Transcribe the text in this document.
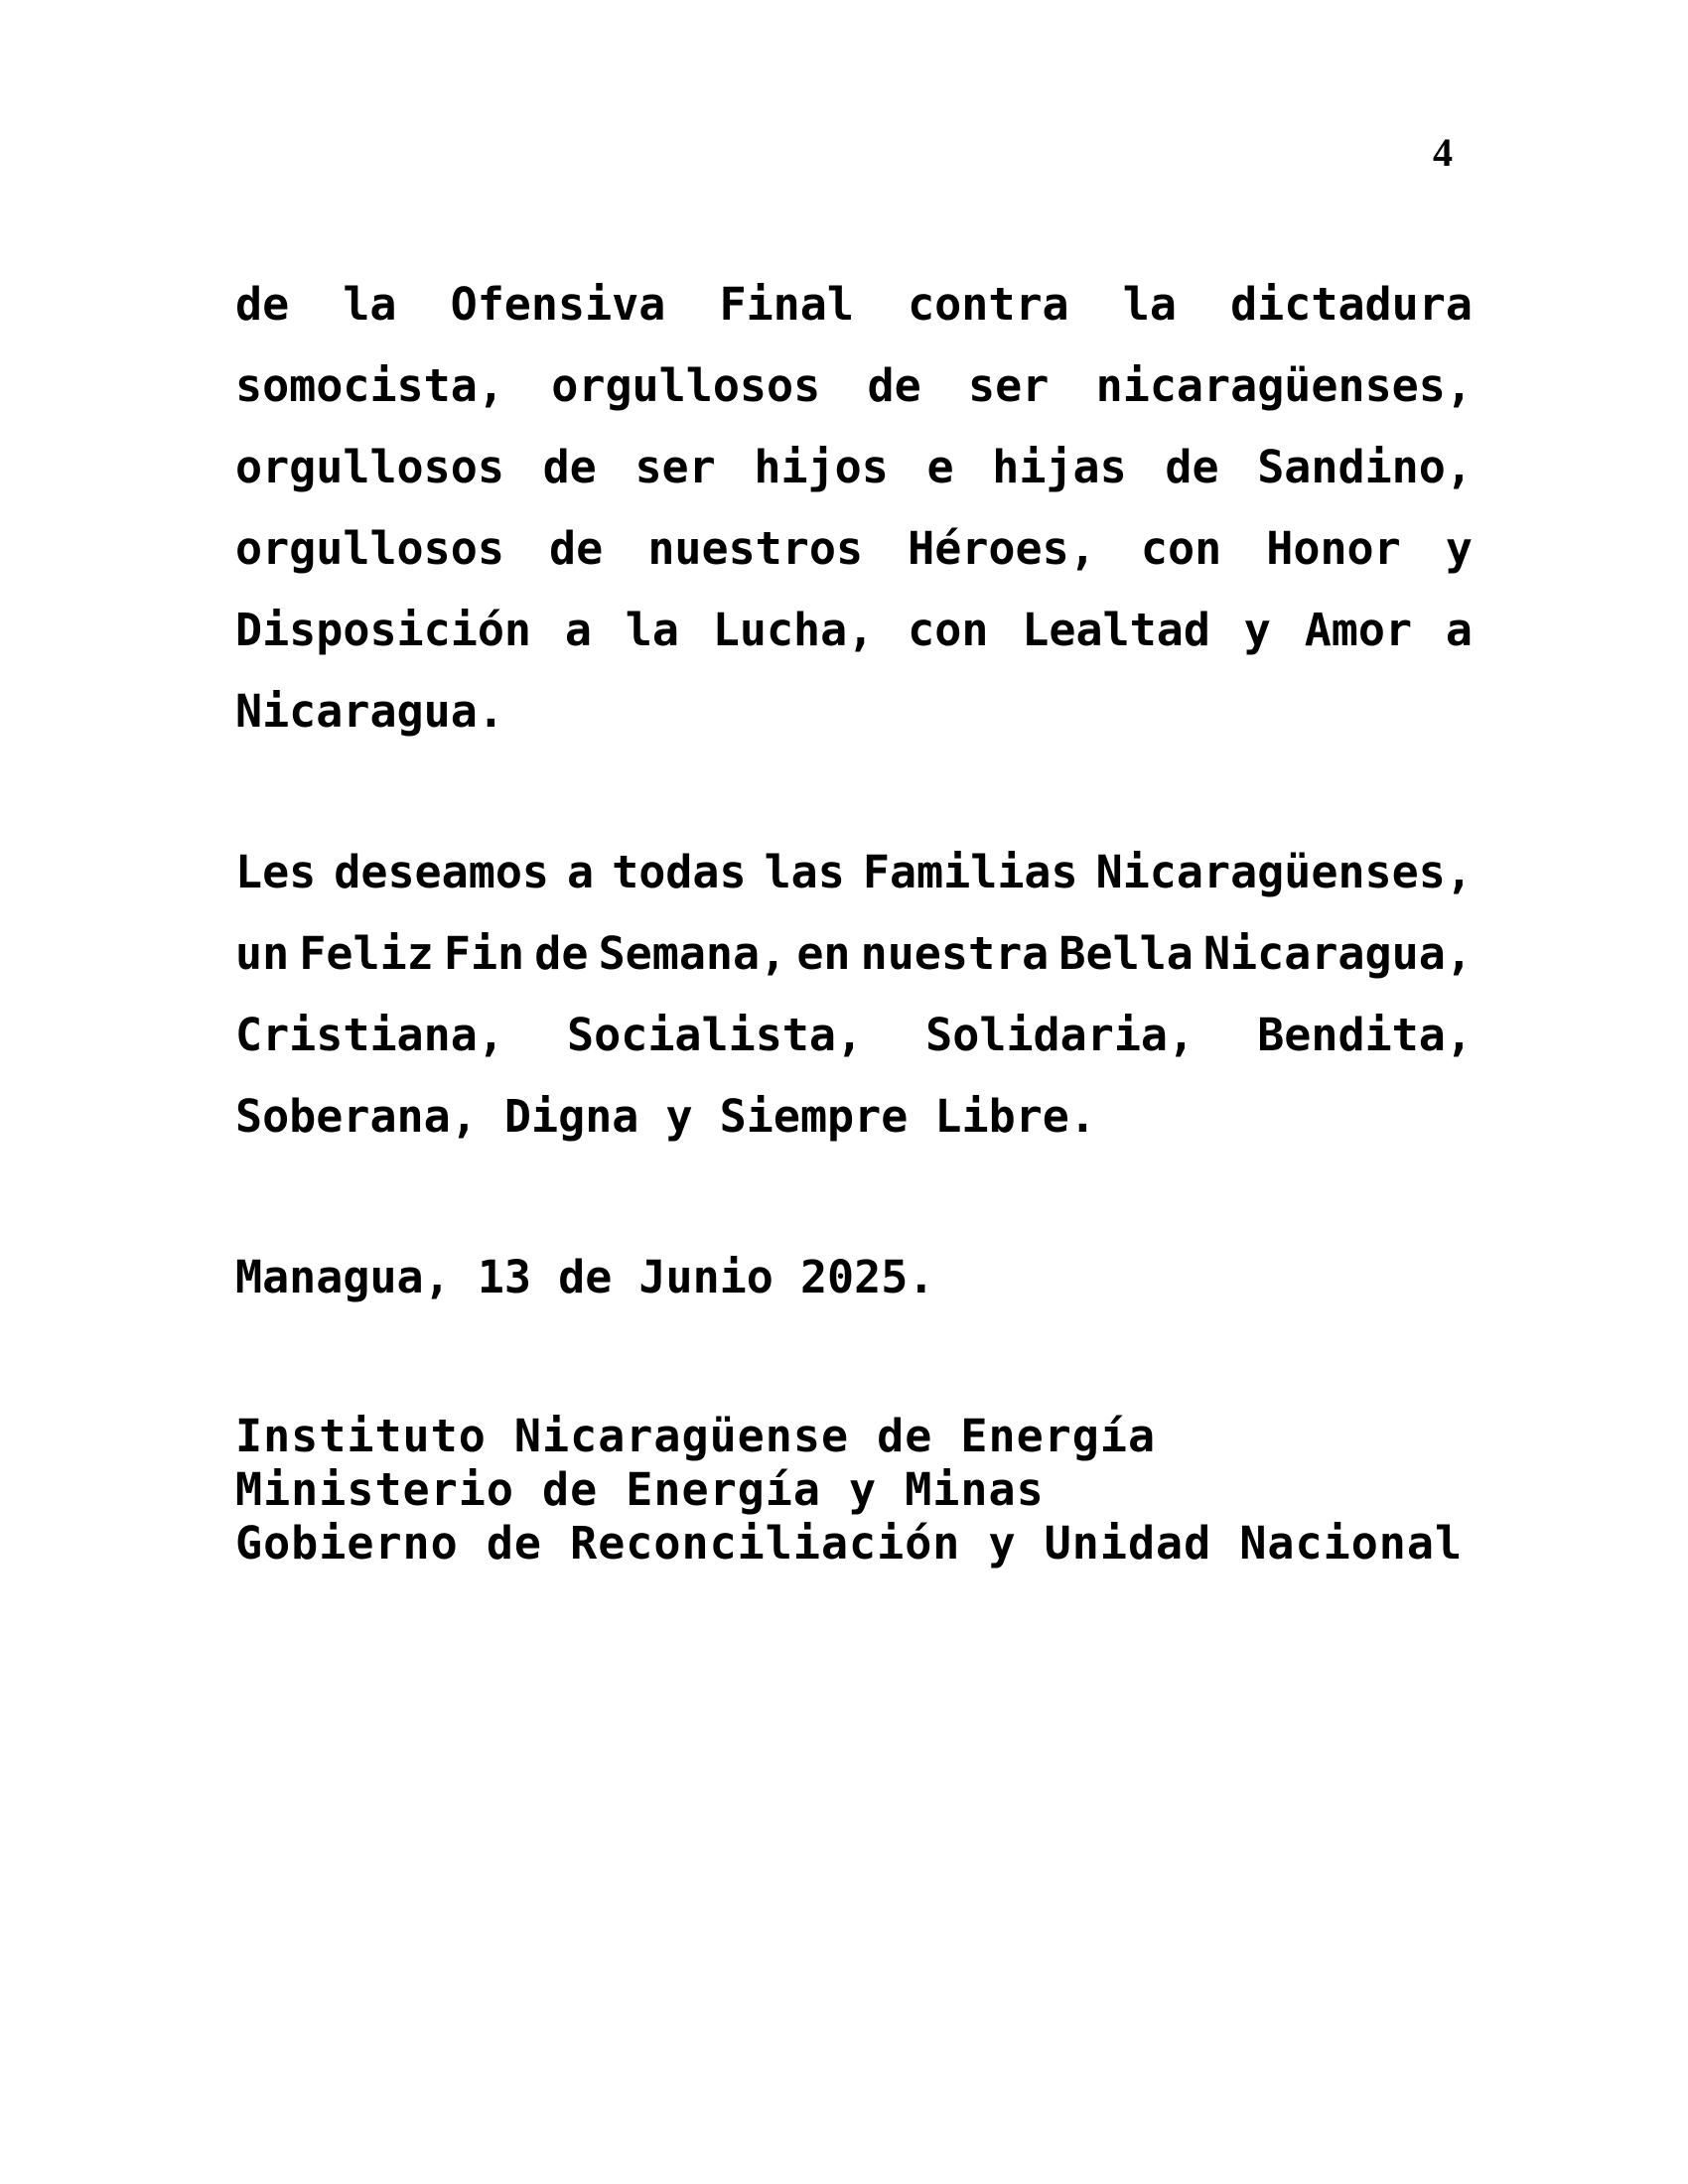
4
de la Ofensiva Final contra la dictadura
somocista, orgullosos de ser nicaragüenses,
orgullosos de ser hijos e hijas de Sandino,
orgullosos de nuestros Héroes, con Honor y
Disposición a la Lucha, con Lealtad y Amor a
Nicaragua.
Les deseamos a todas las Familias Nicaragüenses,
un Feliz Fin de Semana, en nuestra Bella Nicaragua,
Cristiana, Socialista, Solidaria, Bendita,
Soberana, Digna y Siempre Libre.
Managua, 13 de Junio 2025.
Instituto Nicaragüense de Energía
Ministerio de Energía y Minas
Gobierno de Reconciliación y Unidad Nacional
